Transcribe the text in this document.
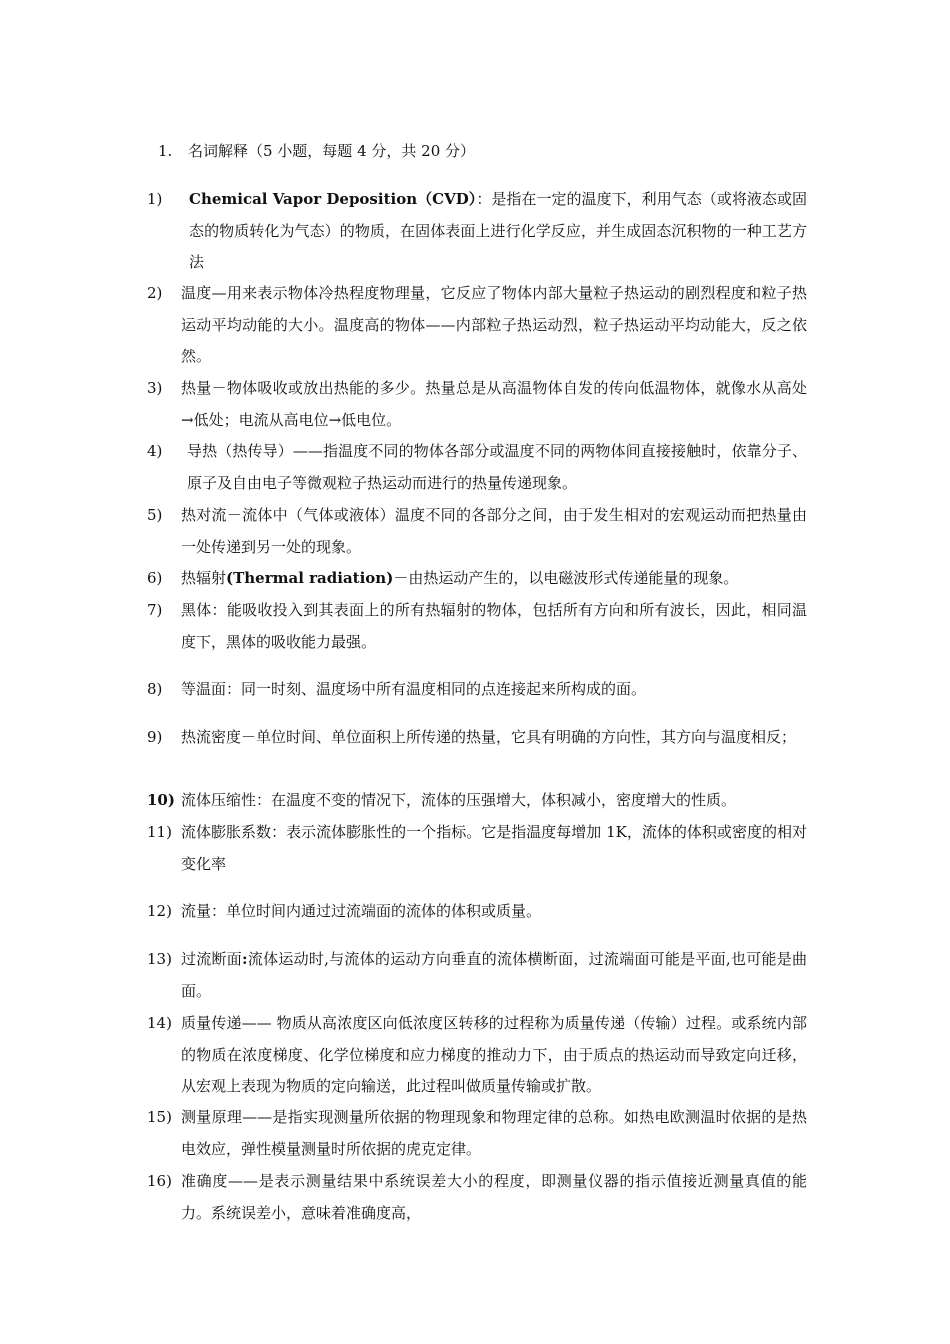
1. 名词解释（5 小题，每题 4 分，共 20 分）
1)	Chemical Vapor Deposition（CVD）：是指在一定的温度下，利用气态（或将液态或固态的物质转化为气态）的物质，在固体表面上进行化学反应，并生成固态沉积物的一种工艺方法
2)	温度—用来表示物体冷热程度物理量，它反应了物体内部大量粒子热运动的剧烈程度和粒子热运动平均动能的大小。温度高的物体——内部粒子热运动烈，粒子热运动平均动能大，反之依然。
3)	热量－物体吸收或放出热能的多少。热量总是从高温物体自发的传向低温物体，就像水从高处→低处；电流从高电位→低电位。
4)	导热（热传导）——指温度不同的物体各部分或温度不同的两物体间直接接触时，依靠分子、原子及自由电子等微观粒子热运动而进行的热量传递现象。
5)	热对流－流体中（气体或液体）温度不同的各部分之间，由于发生相对的宏观运动而把热量由一处传递到另一处的现象。
6)	热辐射(Thermal radiation)－由热运动产生的，以电磁波形式传递能量的现象。
7)	黑体：能吸收投入到其表面上的所有热辐射的物体，包括所有方向和所有波长，因此，相同温度下，黑体的吸收能力最强。
8)	等温面：同一时刻、温度场中所有温度相同的点连接起来所构成的面。
9)	热流密度－单位时间、单位面积上所传递的热量，它具有明确的方向性，其方向与温度相反；
10) 流体压缩性：在温度不变的情况下，流体的压强增大，体积减小，密度增大的性质。
11) 流体膨胀系数：表示流体膨胀性的一个指标。它是指温度每增加 1K，流体的体积或密度的相对变化率
12) 流量：单位时间内通过过流端面的流体的体积或质量。
13) 过流断面:流体运动时,与流体的运动方向垂直的流体横断面，过流端面可能是平面,也可能是曲面。
14) 质量传递—— 物质从高浓度区向低浓度区转移的过程称为质量传递（传输）过程。或系统内部的物质在浓度梯度、化学位梯度和应力梯度的推动力下，由于质点的热运动而导致定向迁移，从宏观上表现为物质的定向输送，此过程叫做质量传输或扩散。
15) 测量原理——是指实现测量所依据的物理现象和物理定律的总称。如热电欧测温时依据的是热电效应，弹性模量测量时所依据的虎克定律。
16) 准确度——是表示测量结果中系统误差大小的程度，即测量仪器的指示值接近测量真值的能力。系统误差小，意味着准确度高，
